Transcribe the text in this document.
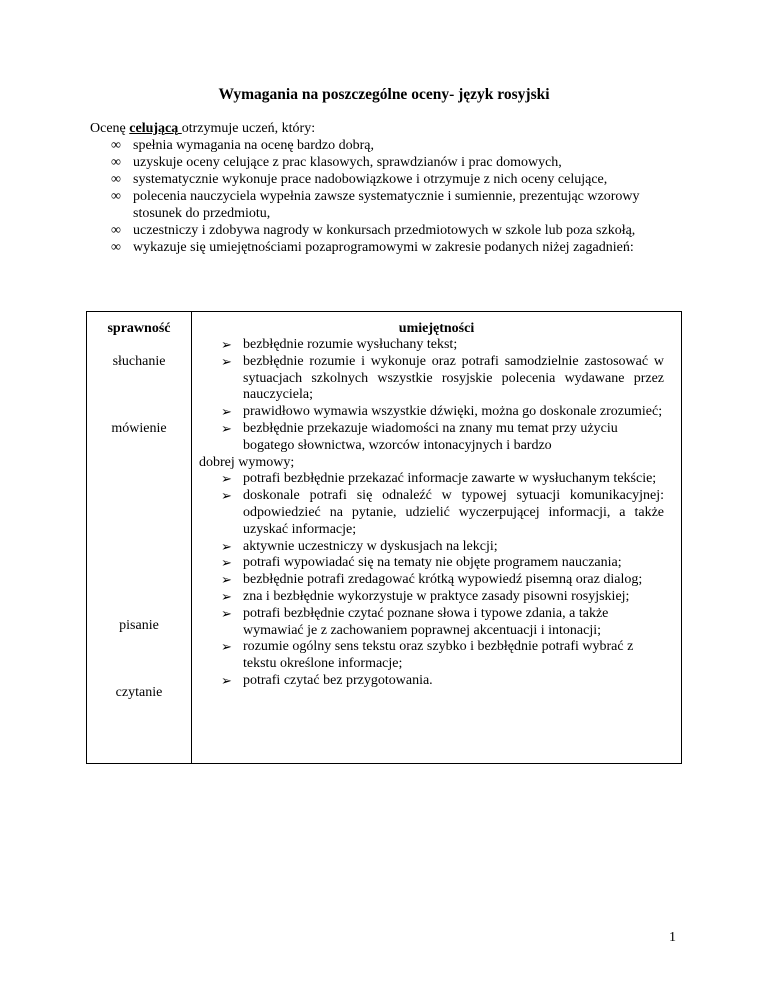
Wymagania na poszczególne oceny- język rosyjski
Ocenę celującą otrzymuje uczeń, który:
∞ spełnia wymagania na ocenę bardzo dobrą,
∞ uzyskuje oceny celujące z prac klasowych, sprawdzianów i prac domowych,
∞ systematycznie wykonuje prace nadobowiązkowe i otrzymuje z nich oceny celujące,
∞ polecenia nauczyciela wypełnia zawsze systematycznie i sumiennie, prezentując wzorowy stosunek do przedmiotu,
∞ uczestniczy i zdobywa nagrody w konkursach przedmiotowych w szkole lub poza szkołą,
∞ wykazuje się umiejętnościami pozaprogramowymi w zakresie podanych niżej zagadnień:
sprawność	umiejętności
słuchanie
mówienie
pisanie
czytanie
➢ bezbłędnie rozumie wysłuchany tekst;
➢ bezbłędnie rozumie i wykonuje oraz potrafi samodzielnie zastosować w sytuacjach szkolnych wszystkie rosyjskie polecenia wydawane przez nauczyciela;
➢ prawidłowo wymawia wszystkie dźwięki, można go doskonale zrozumieć;
➢ bezbłędnie przekazuje wiadomości na znany mu temat przy użyciu bogatego słownictwa, wzorców intonacyjnych i bardzo
dobrej wymowy;
➢ potrafi bezbłędnie przekazać informacje zawarte w wysłuchanym tekście;
➢ doskonale potrafi się odnaleźć w typowej sytuacji komunikacyjnej: odpowiedzieć na pytanie, udzielić wyczerpującej informacji, a także uzyskać informacje;
➢ aktywnie uczestniczy w dyskusjach na lekcji;
➢ potrafi wypowiadać się na tematy nie objęte programem nauczania;
➢ bezbłędnie potrafi zredagować krótką wypowiedź pisemną oraz dialog;
➢ zna i bezbłędnie wykorzystuje w praktyce zasady pisowni rosyjskiej;
➢ potrafi bezbłędnie czytać poznane słowa i typowe zdania, a także wymawiać je z zachowaniem poprawnej akcentuacji i intonacji;
➢ rozumie ogólny sens tekstu oraz szybko i bezbłędnie potrafi wybrać z tekstu określone informacje;
➢ potrafi czytać bez przygotowania.
1
